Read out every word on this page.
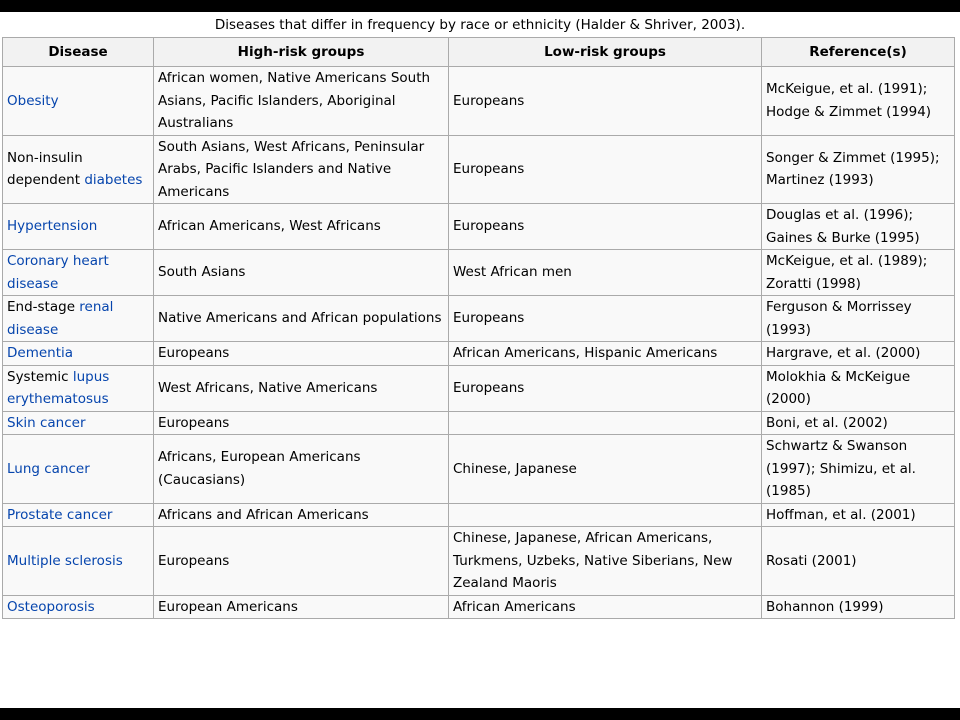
Diseases that differ in frequency by race or ethnicity (Halder & Shriver, 2003).
Disease	High-risk groups	Low-risk groups	Reference(s)
Obesity	African women, Native Americans South Asians, Pacific Islanders, Aboriginal Australians	Europeans	McKeigue, et al. (1991); Hodge & Zimmet (1994)
Non-insulin dependent diabetes	South Asians, West Africans, Peninsular Arabs, Pacific Islanders and Native Americans	Europeans	Songer & Zimmet (1995); Martinez (1993)
Hypertension	African Americans, West Africans	Europeans	Douglas et al. (1996); Gaines & Burke (1995)
Coronary heart disease	South Asians	West African men	McKeigue, et al. (1989); Zoratti (1998)
End-stage renal disease	Native Americans and African populations	Europeans	Ferguson & Morrissey (1993)
Dementia	Europeans	African Americans, Hispanic Americans	Hargrave, et al. (2000)
Systemic lupus erythematosus	West Africans, Native Americans	Europeans	Molokhia & McKeigue (2000)
Skin cancer	Europeans		Boni, et al. (2002)
Lung cancer	Africans, European Americans (Caucasians)	Chinese, Japanese	Schwartz & Swanson (1997); Shimizu, et al. (1985)
Prostate cancer	Africans and African Americans		Hoffman, et al. (2001)
Multiple sclerosis	Europeans	Chinese, Japanese, African Americans, Turkmens, Uzbeks, Native Siberians, New Zealand Maoris	Rosati (2001)
Osteoporosis	European Americans	African Americans	Bohannon (1999)
